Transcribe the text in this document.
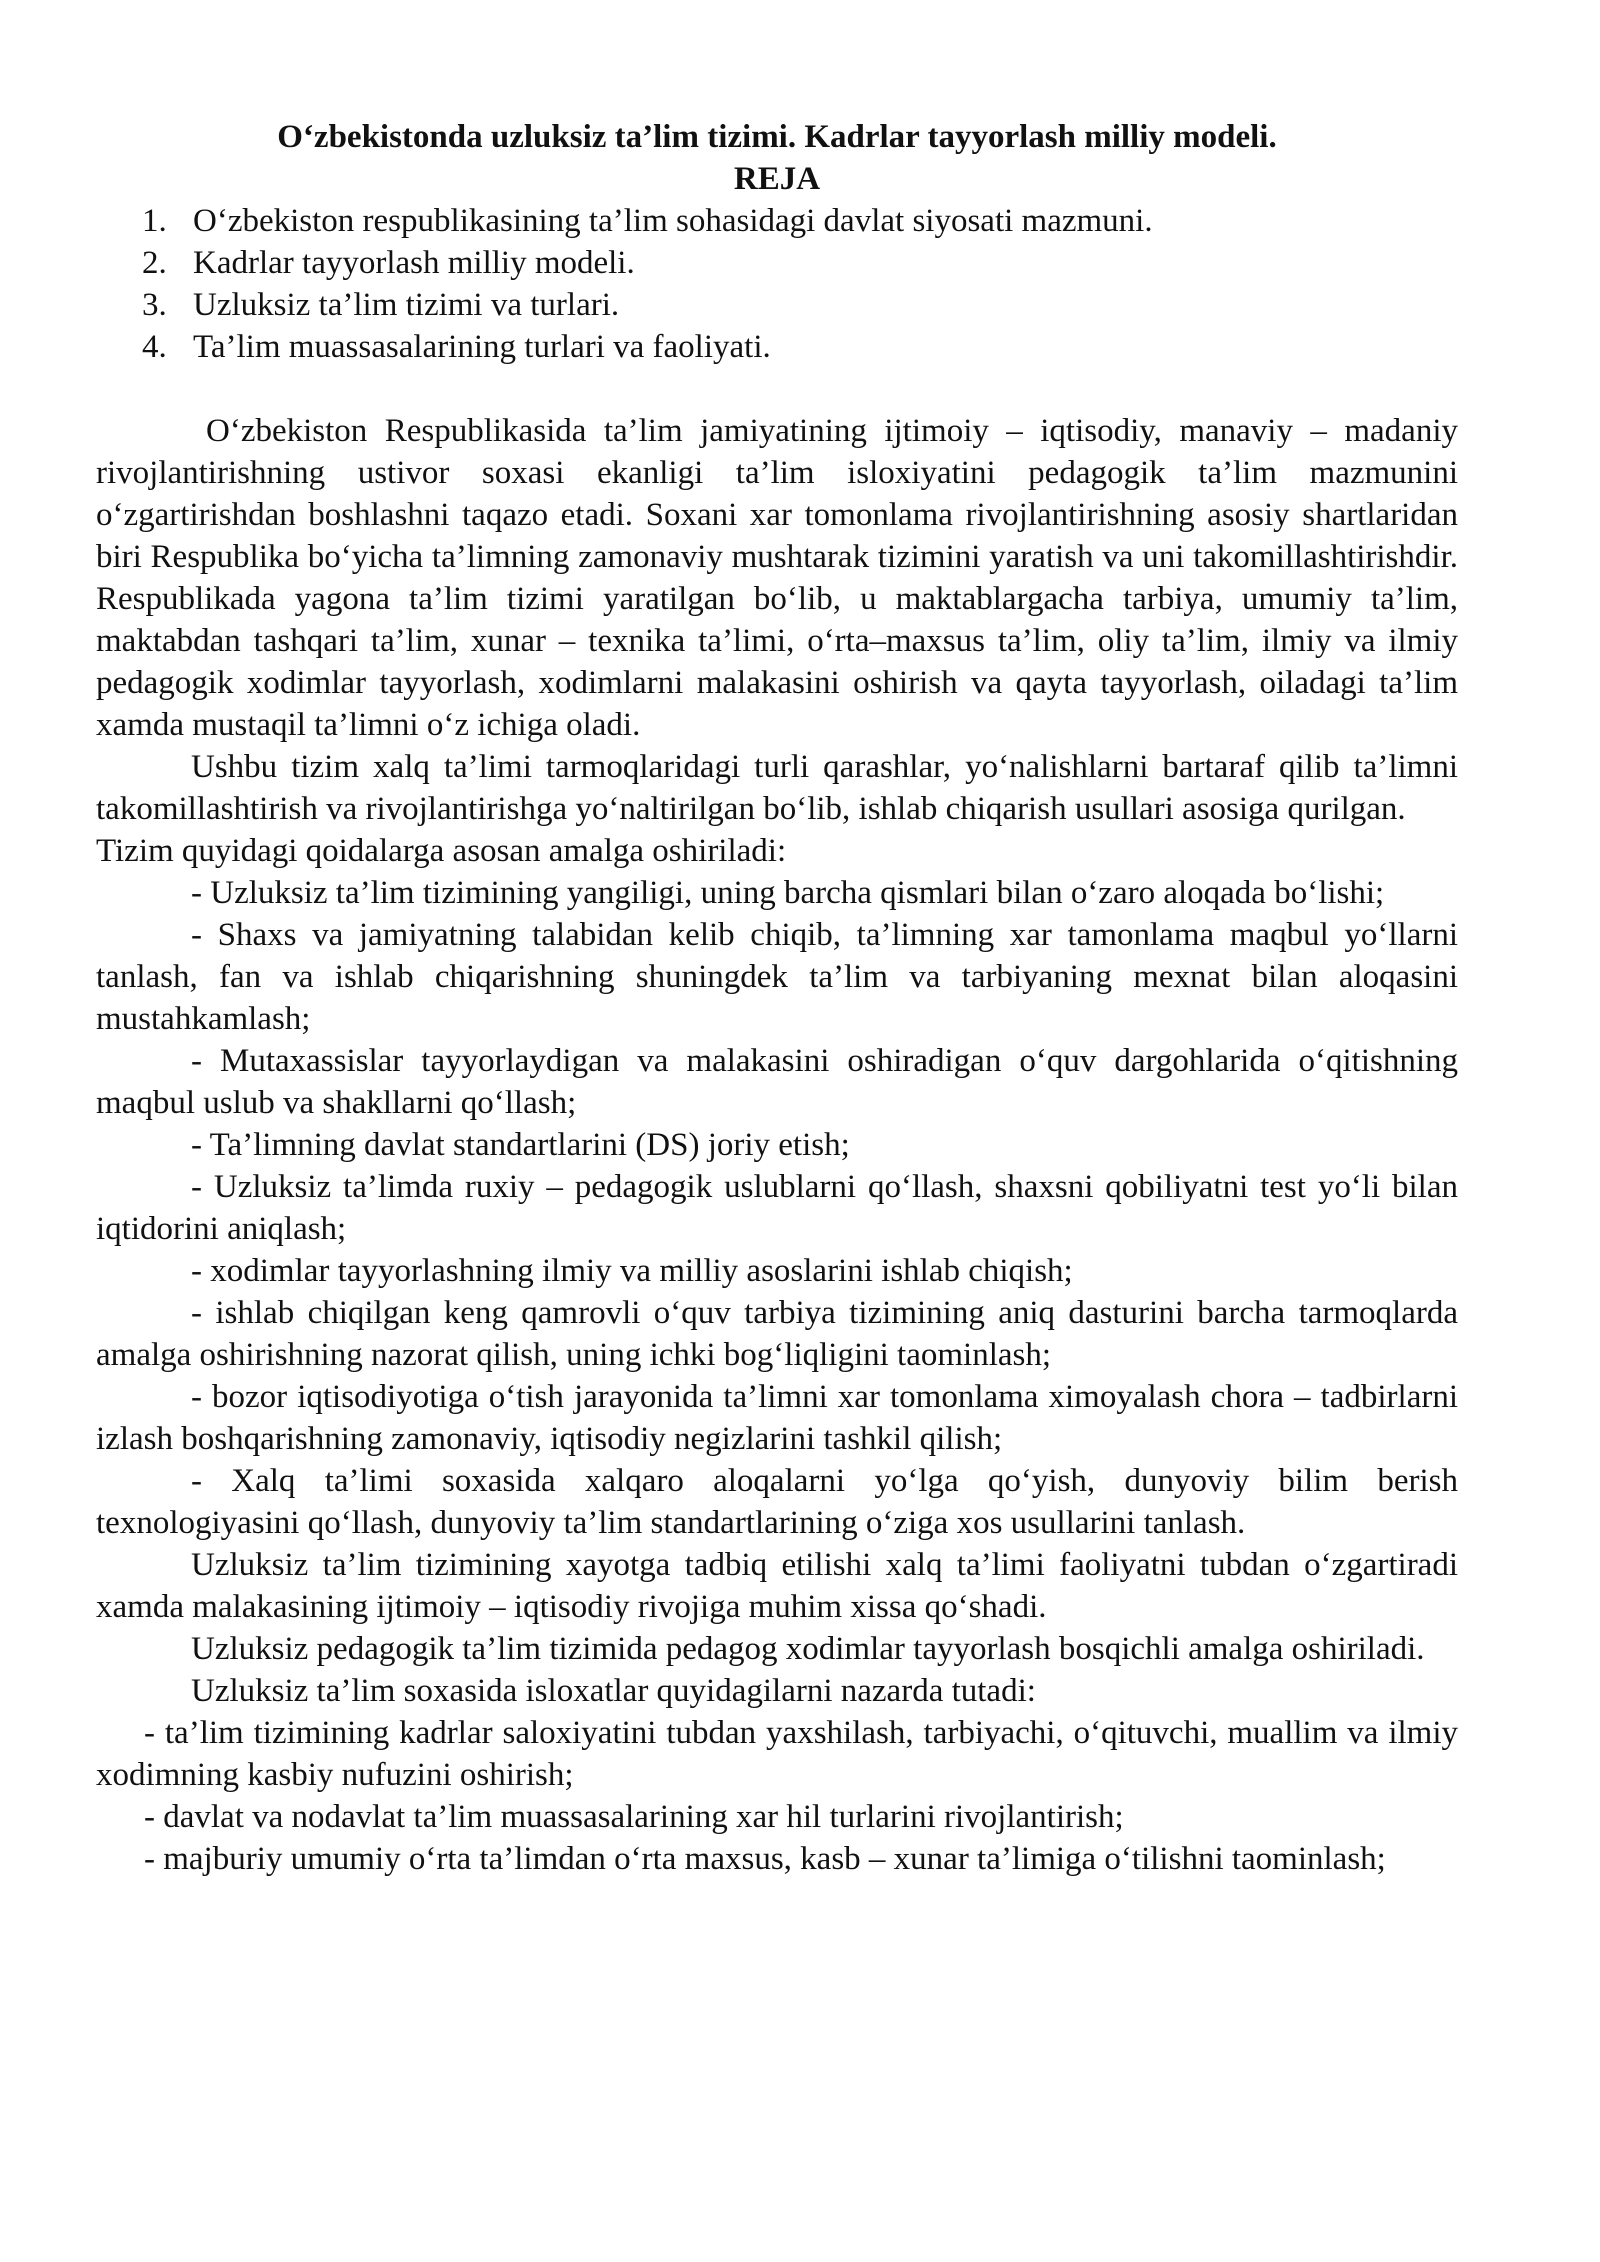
O‘zbekistonda uzluksiz ta’lim tizimi. Kadrlar tayyorlash milliy modeli.

REJA

1. O‘zbekiston respublikasining ta’lim sohasidagi davlat siyosati mazmuni.
2. Kadrlar tayyorlash milliy modeli.
3. Uzluksiz ta’lim tizimi va turlari.
4. Ta’lim muassasalarining turlari va faoliyati.

O‘zbekiston Respublikasida ta’lim jamiyatining ijtimoiy – iqtisodiy, manaviy – madaniy rivojlantirishning ustivor soxasi ekanligi ta’lim isloxiyatini pedagogik ta’lim mazmunini o‘zgartirishdan boshlashni taqazo etadi. Soxani xar tomonlama rivojlantirishning asosiy shartlaridan biri Respublika bo‘yicha ta’limning zamonaviy mushtarak tizimini yaratish va uni takomillashtirishdir. Respublikada yagona ta’lim tizimi yaratilgan bo‘lib, u maktablargacha tarbiya, umumiy ta’lim, maktabdan tashqari ta’lim, xunar – texnika ta’limi, o‘rta–maxsus ta’lim, oliy ta’lim, ilmiy va ilmiy pedagogik xodimlar tayyorlash, xodimlarni malakasini oshirish va qayta tayyorlash, oiladagi ta’lim xamda mustaqil ta’limni o‘z ichiga oladi.

Ushbu tizim xalq ta’limi tarmoqlaridagi turli qarashlar, yo‘nalishlarni bartaraf qilib ta’limni takomillashtirish va rivojlantirishga yo‘naltirilgan bo‘lib, ishlab chiqarish usullari asosiga qurilgan.

Tizim quyidagi qoidalarga asosan amalga oshiriladi:

- Uzluksiz ta’lim tizimining yangiligi, uning barcha qismlari bilan o‘zaro aloqada bo‘lishi;

- Shaxs va jamiyatning talabidan kelib chiqib, ta’limning xar tamonlama maqbul yo‘llarni tanlash, fan va ishlab chiqarishning shuningdek ta’lim va tarbiyaning mexnat bilan aloqasini mustahkamlash;

- Mutaxassislar tayyorlaydigan va malakasini oshiradigan o‘quv dargohlarida o‘qitishning maqbul uslub va shakllarni qo‘llash;

- Ta’limning davlat standartlarini (DS) joriy etish;

- Uzluksiz ta’limda ruxiy – pedagogik uslublarni qo‘llash, shaxsni qobiliyatni test yo‘li bilan iqtidorini aniqlash;

- xodimlar tayyorlashning ilmiy va milliy asoslarini ishlab chiqish;

- ishlab chiqilgan keng qamrovli o‘quv tarbiya tizimining aniq dasturini barcha tarmoqlarda amalga oshirishning nazorat qilish, uning ichki bog‘liqligini taominlash;

- bozor iqtisodiyotiga o‘tish jarayonida ta’limni xar tomonlama ximoyalash chora – tadbirlarni izlash boshqarishning zamonaviy, iqtisodiy negizlarini tashkil qilish;

- Xalq ta’limi soxasida xalqaro aloqalarni yo‘lga qo‘yish, dunyoviy bilim berish texnologiyasini qo‘llash, dunyoviy ta’lim standartlarining o‘ziga xos usullarini tanlash.

Uzluksiz ta’lim tizimining xayotga tadbiq etilishi xalq ta’limi faoliyatni tubdan o‘zgartiradi xamda malakasining ijtimoiy – iqtisodiy rivojiga muhim xissa qo‘shadi.

Uzluksiz pedagogik ta’lim tizimida pedagog xodimlar tayyorlash bosqichli amalga oshiriladi.

Uzluksiz ta’lim soxasida isloxatlar quyidagilarni nazarda tutadi:

- ta’lim tizimining kadrlar saloxiyatini tubdan yaxshilash, tarbiyachi, o‘qituvchi, muallim va ilmiy xodimning kasbiy nufuzini oshirish;

- davlat va nodavlat ta’lim muassasalarining xar hil turlarini rivojlantirish;

- majburiy umumiy o‘rta ta’limdan o‘rta maxsus, kasb – xunar ta’limiga o‘tilishni taominlash;
